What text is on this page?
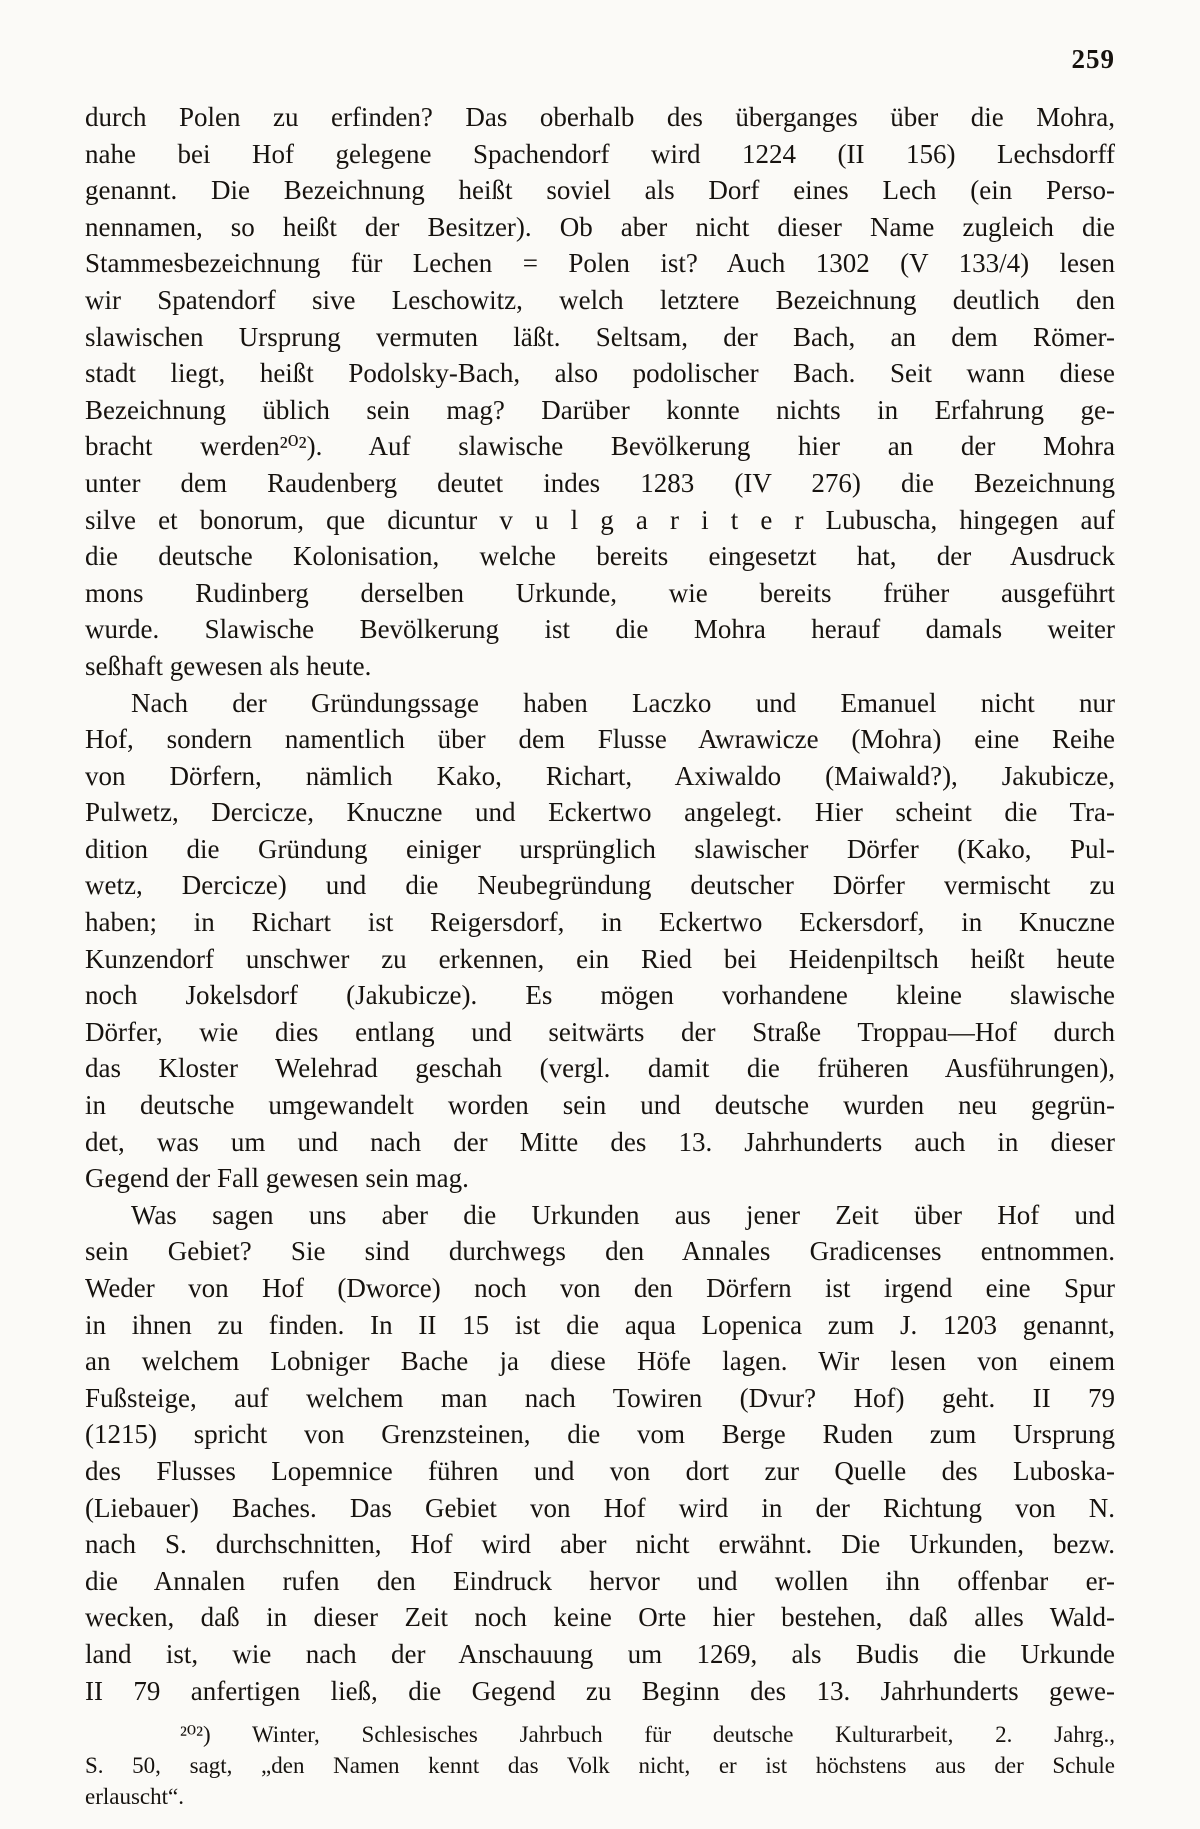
259
durch Polen zu erfinden? Das oberhalb des überganges über die Mohra,
nahe bei Hof gelegene Spachendorf wird 1224 (II 156) Lechsdorff
genannt. Die Bezeichnung heißt soviel als Dorf eines Lech (ein Perso-
nennamen, so heißt der Besitzer). Ob aber nicht dieser Name zugleich die
Stammesbezeichnung für Lechen = Polen ist? Auch 1302 (V 133/4) lesen
wir Spatendorf sive Leschowitz, welch letztere Bezeichnung deutlich den
slawischen Ursprung vermuten läßt. Seltsam, der Bach, an dem Römer-
stadt liegt, heißt Podolsky-Bach, also podolischer Bach. Seit wann diese
Bezeichnung üblich sein mag? Darüber konnte nichts in Erfahrung ge-
bracht werden²⁰²). Auf slawische Bevölkerung hier an der Mohra
unter dem Raudenberg deutet indes 1283 (IV 276) die Bezeichnung
silve et bonorum, que dicuntur v u l g a r i t e r Lubuscha, hingegen auf
die deutsche Kolonisation, welche bereits eingesetzt hat, der Ausdruck
mons Rudinberg derselben Urkunde, wie bereits früher ausgeführt
wurde. Slawische Bevölkerung ist die Mohra herauf damals weiter
seßhaft gewesen als heute.
Nach der Gründungssage haben Laczko und Emanuel nicht nur
Hof, sondern namentlich über dem Flusse Awrawicze (Mohra) eine Reihe
von Dörfern, nämlich Kako, Richart, Axiwaldo (Maiwald?), Jakubicze,
Pulwetz, Dercicze, Knuczne und Eckertwo angelegt. Hier scheint die Tra-
dition die Gründung einiger ursprünglich slawischer Dörfer (Kako, Pul-
wetz, Dercicze) und die Neubegründung deutscher Dörfer vermischt zu
haben; in Richart ist Reigersdorf, in Eckertwo Eckersdorf, in Knuczne
Kunzendorf unschwer zu erkennen, ein Ried bei Heidenpiltsch heißt heute
noch Jokelsdorf (Jakubicze). Es mögen vorhandene kleine slawische
Dörfer, wie dies entlang und seitwärts der Straße Troppau—Hof durch
das Kloster Welehrad geschah (vergl. damit die früheren Ausführungen),
in deutsche umgewandelt worden sein und deutsche wurden neu gegrün-
det, was um und nach der Mitte des 13. Jahrhunderts auch in dieser
Gegend der Fall gewesen sein mag.
Was sagen uns aber die Urkunden aus jener Zeit über Hof und
sein Gebiet? Sie sind durchwegs den Annales Gradicenses entnommen.
Weder von Hof (Dworce) noch von den Dörfern ist irgend eine Spur
in ihnen zu finden. In II 15 ist die aqua Lopenica zum J. 1203 genannt,
an welchem Lobniger Bache ja diese Höfe lagen. Wir lesen von einem
Fußsteige, auf welchem man nach Towiren (Dvur? Hof) geht. II 79
(1215) spricht von Grenzsteinen, die vom Berge Ruden zum Ursprung
des Flusses Lopemnice führen und von dort zur Quelle des Luboska-
(Liebauer) Baches. Das Gebiet von Hof wird in der Richtung von N.
nach S. durchschnitten, Hof wird aber nicht erwähnt. Die Urkunden, bezw.
die Annalen rufen den Eindruck hervor und wollen ihn offenbar er-
wecken, daß in dieser Zeit noch keine Orte hier bestehen, daß alles Wald-
land ist, wie nach der Anschauung um 1269, als Budis die Urkunde
II 79 anfertigen ließ, die Gegend zu Beginn des 13. Jahrhunderts gewe-
²⁰²) Winter, Schlesisches Jahrbuch für deutsche Kulturarbeit, 2. Jahrg.,
S. 50, sagt, „den Namen kennt das Volk nicht, er ist höchstens aus der Schule
erlauscht“.
